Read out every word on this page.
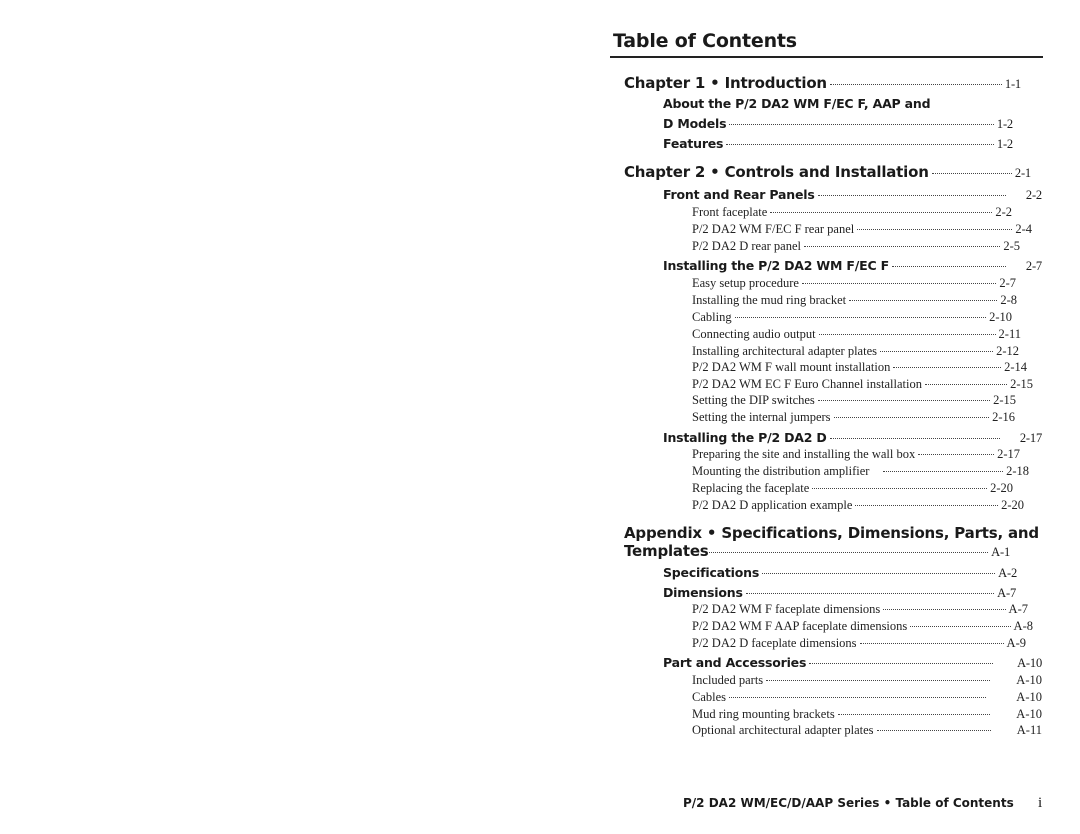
Table of Contents
Chapter 1 • Introduction	1-1
About the P/2 DA2 WM F/EC F, AAP and
D Models	1-2
Features	1-2
Chapter 2 • Controls and Installation	2-1
Front and Rear Panels	2-2
Front faceplate	2-2
P/2 DA2 WM F/EC F rear panel	2-4
P/2 DA2 D rear panel	2-5
Installing the P/2 DA2 WM F/EC F	2-7
Easy setup procedure	2-7
Installing the mud ring bracket	2-8
Cabling	2-10
Connecting audio output	2-11
Installing architectural adapter plates	2-12
P/2 DA2 WM F wall mount installation	2-14
P/2 DA2 WM EC F Euro Channel installation	2-15
Setting the DIP switches	2-15
Setting the internal jumpers	2-16
Installing the P/2 DA2 D	2-17
Preparing the site and installing the wall box	2-17
Mounting the distribution amplifier	2-18
Replacing the faceplate	2-20
P/2 DA2 D application example	2-20
Appendix • Specifications, Dimensions, Parts, and
Templates	A-1
Specifications	A-2
Dimensions	A-7
P/2 DA2 WM F faceplate dimensions	A-7
P/2 DA2 WM F AAP faceplate dimensions	A-8
P/2 DA2 D faceplate dimensions	A-9
Part and Accessories	A-10
Included parts	A-10
Cables	A-10
Mud ring mounting brackets	A-10
Optional architectural adapter plates	A-11
P/2 DA2 WM/EC/D/AAP Series • Table of Contents i
